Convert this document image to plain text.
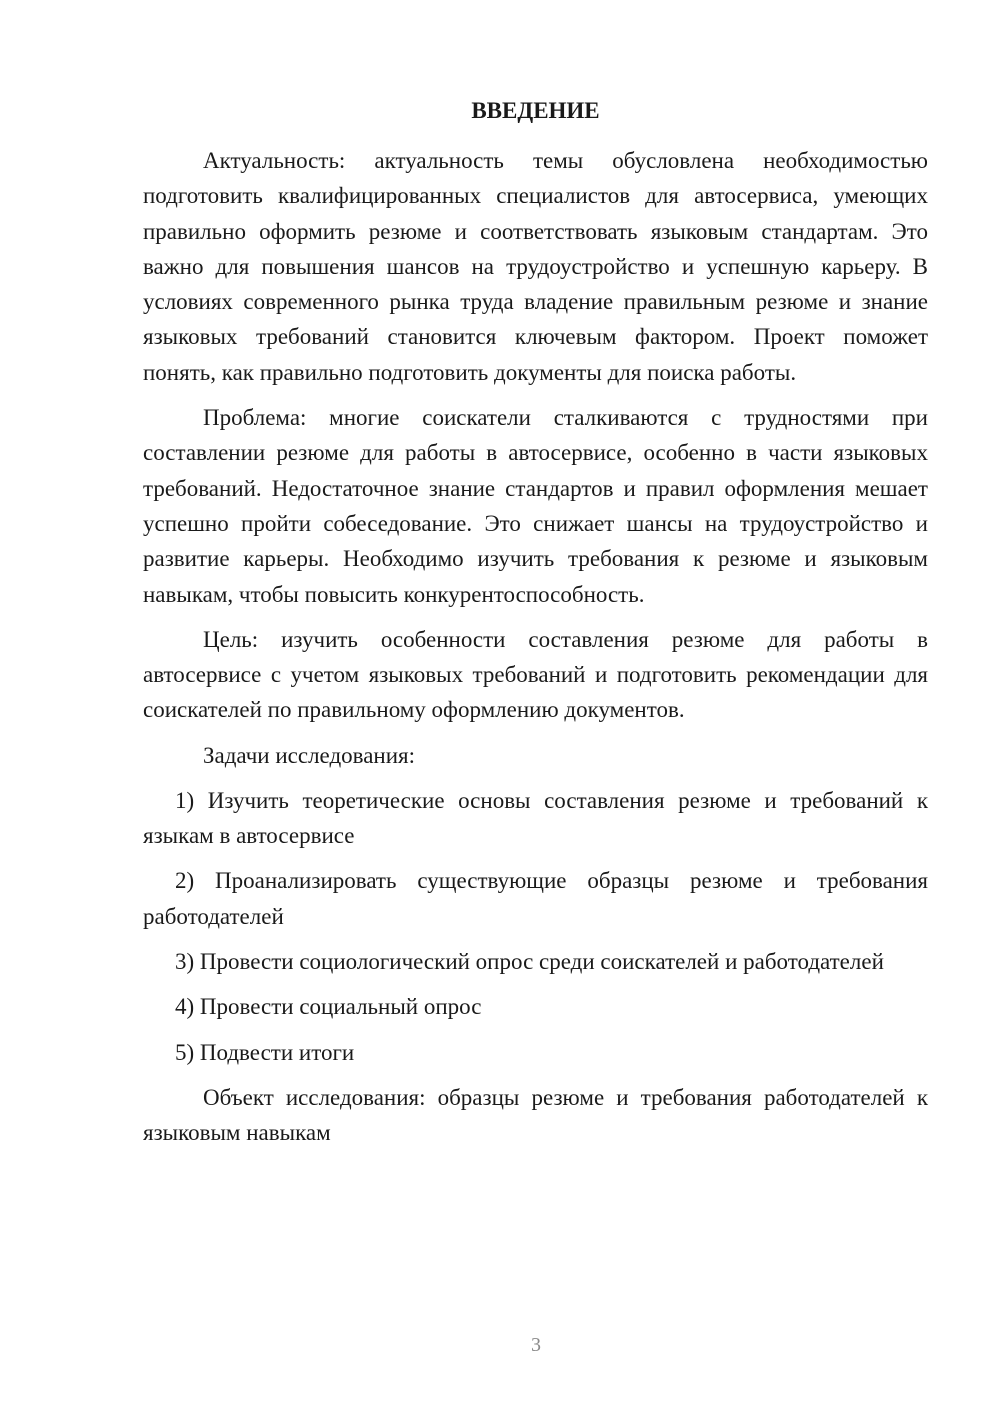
ВВЕДЕНИЕ

Актуальность: актуальность темы обусловлена необходимостью подготовить квалифицированных специалистов для автосервиса, умеющих правильно оформить резюме и соответствовать языковым стандартам. Это важно для повышения шансов на трудоустройство и успешную карьеру. В условиях современного рынка труда владение правильным резюме и знание языковых требований становится ключевым фактором. Проект поможет понять, как правильно подготовить документы для поиска работы.

Проблема: многие соискатели сталкиваются с трудностями при составлении резюме для работы в автосервисе, особенно в части языковых требований. Недостаточное знание стандартов и правил оформления мешает успешно пройти собеседование. Это снижает шансы на трудоустройство и развитие карьеры. Необходимо изучить требования к резюме и языковым навыкам, чтобы повысить конкурентоспособность.

Цель: изучить особенности составления резюме для работы в автосервисе с учетом языковых требований и подготовить рекомендации для соискателей по правильному оформлению документов.

Задачи исследования:

1) Изучить теоретические основы составления резюме и требований к языкам в автосервисе

2) Проанализировать существующие образцы резюме и требования работодателей

3) Провести социологический опрос среди соискателей и работодателей

4) Провести социальный опрос

5) Подвести итоги

Объект исследования: образцы резюме и требования работодателей к языковым навыкам

3
